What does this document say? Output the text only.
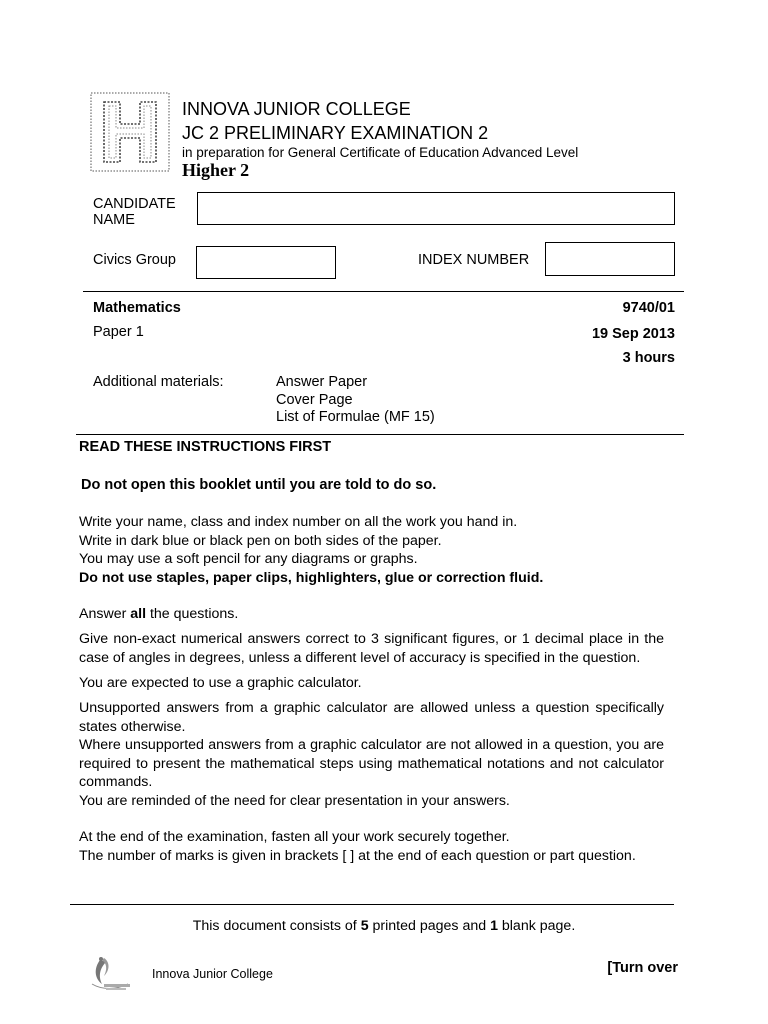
INNOVA JUNIOR COLLEGE
JC 2 PRELIMINARY EXAMINATION 2
in preparation for General Certificate of Education Advanced Level
Higher 2
CANDIDATE
NAME
Civics Group	INDEX NUMBER
Mathematics	9740/01
Paper 1	19 Sep 2013
3 hours
Additional materials:	Answer Paper
Cover Page
List of Formulae (MF 15)
READ THESE INSTRUCTIONS FIRST
Do not open this booklet until you are told to do so.

Write your name, class and index number on all the work you hand in.

Write in dark blue or black pen on both sides of the paper.

You may use a soft pencil for any diagrams or graphs.

Do not use staples, paper clips, highlighters, glue or correction fluid.

Answer all the questions.

Give non-exact numerical answers correct to 3 significant figures, or 1 decimal place in the case of angles in degrees, unless a different level of accuracy is specified in the question.

You are expected to use a graphic calculator.

Unsupported answers from a graphic calculator are allowed unless a question specifically states otherwise.

Where unsupported answers from a graphic calculator are not allowed in a question, you are required to present the mathematical steps using mathematical notations and not calculator commands.

You are reminded of the need for clear presentation in your answers.

At the end of the examination, fasten all your work securely together.

The number of marks is given in brackets [ ] at the end of each question or part question.

This document consists of 5 printed pages and 1 blank page.
Innova Junior College	[Turn over
